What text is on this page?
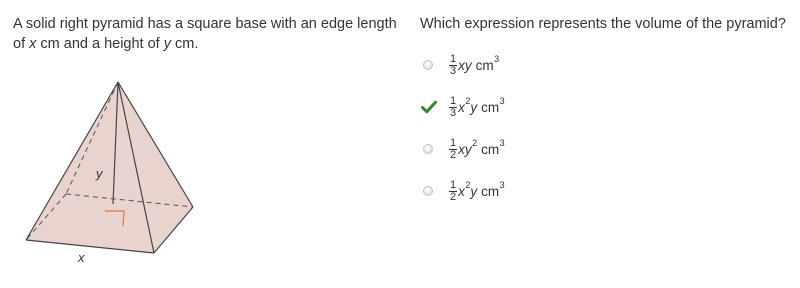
A solid right pyramid has a square base with an edge length of x cm and a height of y cm.

y
x

Which expression represents the volume of the pyramid?

$\frac{1}{3}$ xy cm 3
$\frac{1}{3}$ x 2 y cm 3
$\frac{1}{2}$ xy 2 cm 3
$\frac{1}{2}$ x 2 y cm 3
